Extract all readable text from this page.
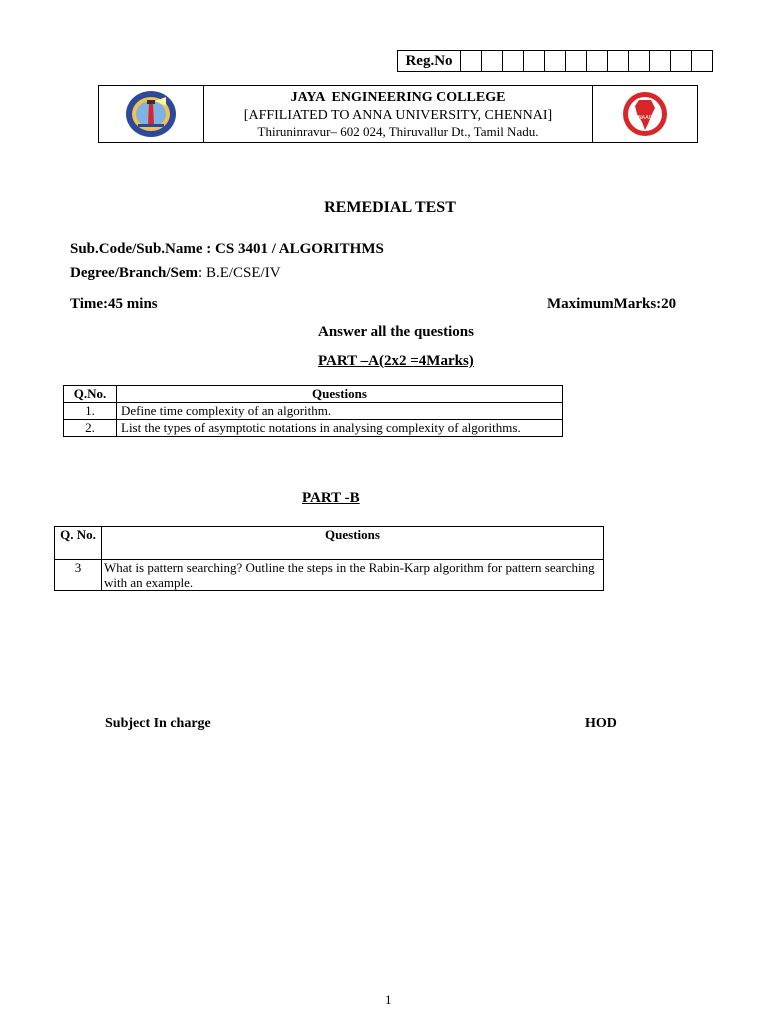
Reg.No
JAYA  ENGINEERING COLLEGE
[AFFILIATED TO ANNA UNIVERSITY, CHENNAI]
Thiruninravur– 602 024, Thiruvallur Dt., Tamil Nadu.
NAAC
REMEDIAL TEST
Sub.Code/Sub.Name : CS 3401 / ALGORITHMS
Degree/Branch/Sem: B.E/CSE/IV
Time:45 mins	MaximumMarks:20
Answer all the questions
PART –A(2x2 =4Marks)
Q.No.	Questions
1.	Define time complexity of an algorithm.
2.	List the types of asymptotic notations in analysing complexity of algorithms.
PART -B
Q. No.	Questions
3	What is pattern searching? Outline the steps in the Rabin-Karp algorithm for pattern searching with an example.
Subject In charge	HOD
1
